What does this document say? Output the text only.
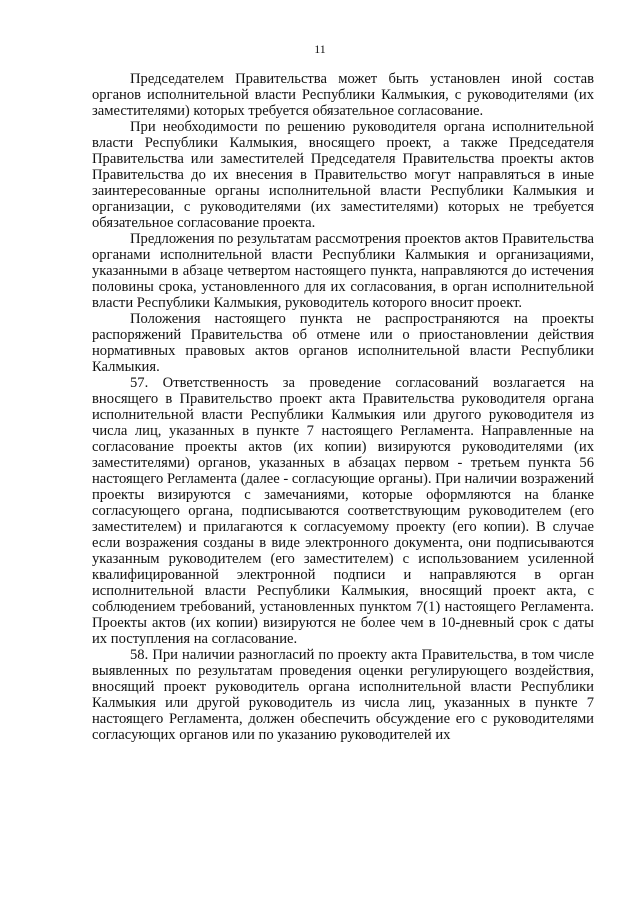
11

Председателем Правительства может быть установлен иной состав органов исполнительной власти Республики Калмыкия, с руководителями (их заместителями) которых требуется обязательное согласование.

При необходимости по решению руководителя органа исполнительной власти Республики Калмыкия, вносящего проект, а также Председателя Правительства или заместителей Председателя Правительства проекты актов Правительства до их внесения в Правительство могут направляться в иные заинтересованные органы исполнительной власти Республики Калмыкия и организации, с руководителями (их заместителями) которых не требуется обязательное согласование проекта.

Предложения по результатам рассмотрения проектов актов Правительства органами исполнительной власти Республики Калмыкия и организациями, указанными в абзаце четвертом настоящего пункта, направляются до истечения половины срока, установленного для их согласования, в орган исполнительной власти Республики Калмыкия, руководитель которого вносит проект.

Положения настоящего пункта не распространяются на проекты распоряжений Правительства об отмене или о приостановлении действия нормативных правовых актов органов исполнительной власти Республики Калмыкия.

57. Ответственность за проведение согласований возлагается на вносящего в Правительство проект акта Правительства руководителя органа исполнительной власти Республики Калмыкия или другого руководителя из числа лиц, указанных в пункте 7 настоящего Регламента. Направленные на согласование проекты актов (их копии) визируются руководителями (их заместителями) органов, указанных в абзацах первом - третьем пункта 56 настоящего Регламента (далее - согласующие органы). При наличии возражений проекты визируются с замечаниями, которые оформляются на бланке согласующего органа, подписываются соответствующим руководителем (его заместителем) и прилагаются к согласуемому проекту (его копии). В случае если возражения созданы в виде электронного документа, они подписываются указанным руководителем (его заместителем) с использованием усиленной квалифицированной электронной подписи и направляются в орган исполнительной власти Республики Калмыкия, вносящий проект акта, с соблюдением требований, установленных пунктом 7(1) настоящего Регламента. Проекты актов (их копии) визируются не более чем в 10-дневный срок с даты их поступления на согласование.

58. При наличии разногласий по проекту акта Правительства, в том числе выявленных по результатам проведения оценки регулирующего воздействия, вносящий проект руководитель органа исполнительной власти Республики Калмыкия или другой руководитель из числа лиц, указанных в пункте 7 настоящего Регламента, должен обеспечить обсуждение его с руководителями согласующих органов или по указанию руководителей их
